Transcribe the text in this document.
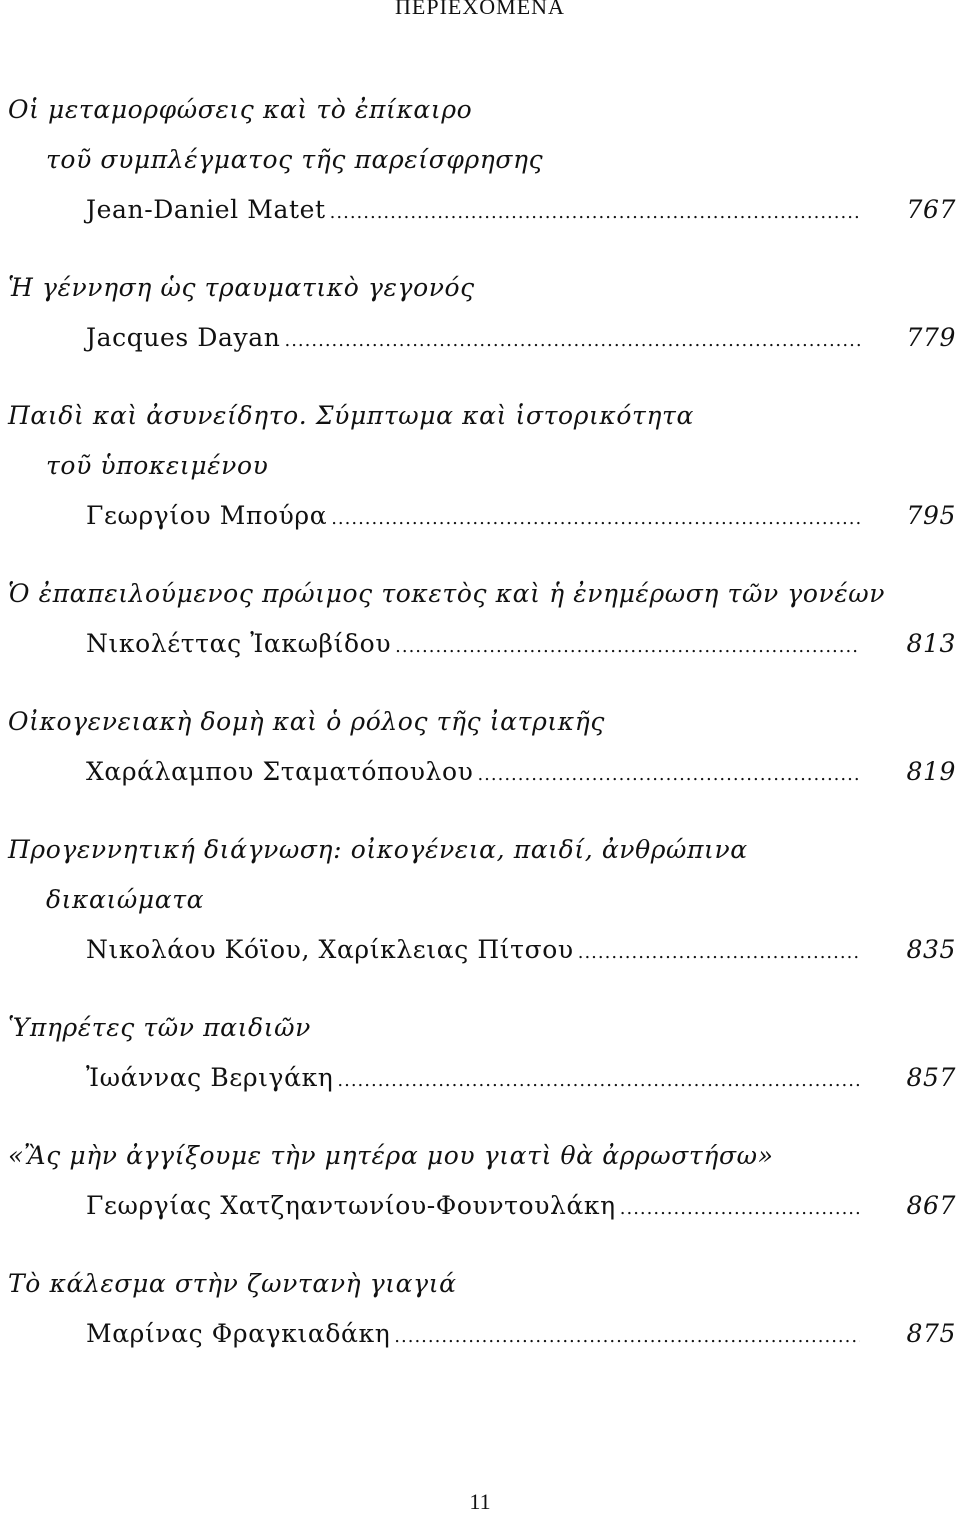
ΠΕΡΙΕΧΟΜΕΝΑ
Οἱ μεταμορφώσεις καὶ τὸ ἐπίκαιρο
τοῦ συμπλέγματος τῆς παρείσφρησης
Jean-Daniel Matet .....	767
Ἡ γέννηση ὡς τραυματικὸ γεγονός
Jacques Dayan .....	779
Παιδὶ καὶ ἀσυνείδητο. Σύμπτωμα καὶ ἱστορικότητα
τοῦ ὑποκειμένου
Γεωργίου Μπούρα .....	795
Ὁ ἐπαπειλούμενος πρώιμος τοκετὸς καὶ ἡ ἐνημέρωση τῶν γονέων
Νικολέττας Ἰακωβίδου .....	813
Οἰκογενειακὴ δομὴ καὶ ὁ ρόλος τῆς ἰατρικῆς
Χαράλαμπου Σταματόπουλου .....	819
Προγεννητική διάγνωση: οἰκογένεια, παιδί, ἀνθρώπινα
δικαιώματα
Νικολάου Κόϊου, Χαρίκλειας Πίτσου .....	835
Ὑπηρέτες τῶν παιδιῶν
Ἰωάννας Βεριγάκη .....	857
«Ἂς μὴν ἀγγίξουμε τὴν μητέρα μου γιατὶ θὰ ἀρρωστήσω»
Γεωργίας Χατζηαντωνίου-Φουντουλάκη .....	867
Τὸ κάλεσμα στὴν ζωντανὴ γιαγιά
Μαρίνας Φραγκιαδάκη .....	875
11
